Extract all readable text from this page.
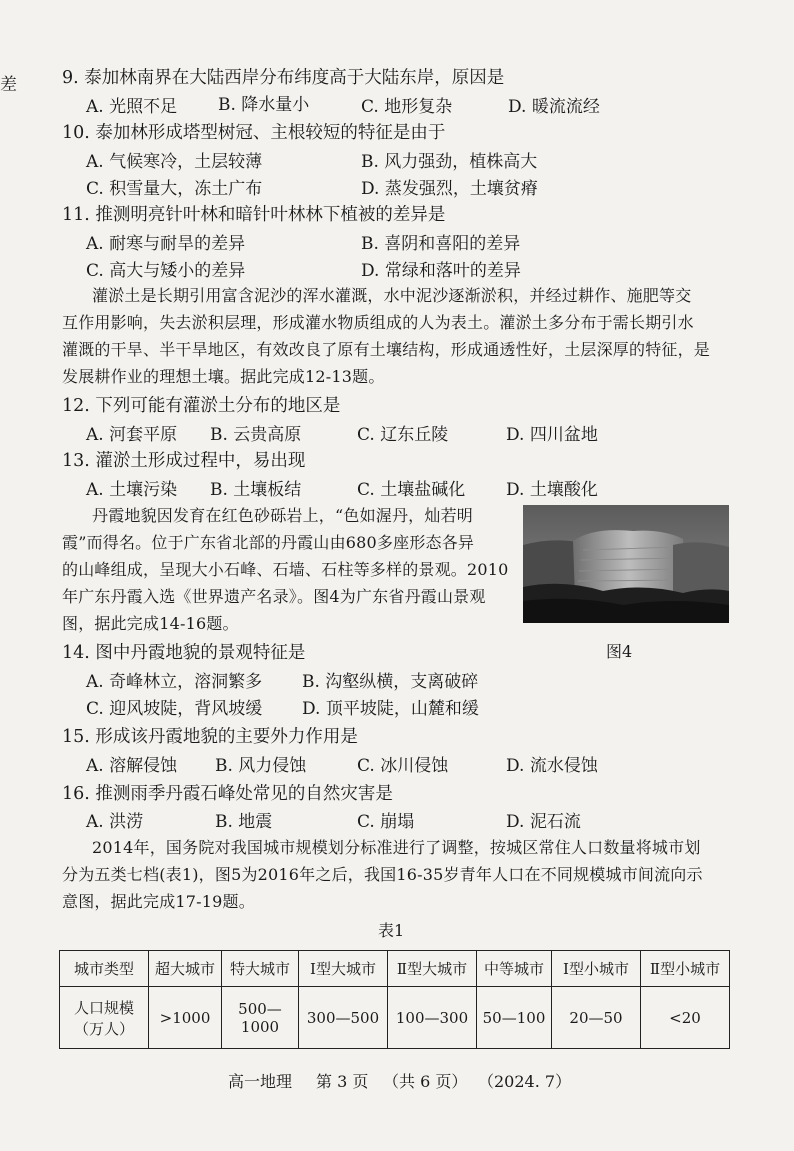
差	9. 泰加林南界在大陆西岸分布纬度高于大陆东岸，原因是
A. 光照不足 B. 降水量小	C. 地形复杂	D. 暖流流经
10. 泰加林形成塔型树冠、主根较短的特征是由于
A. 气候寒冷，土层较薄	B. 风力强劲，植株高大
C. 积雪量大，冻土广布	D. 蒸发强烈，土壤贫瘠
11. 推测明亮针叶林和暗针叶林林下植被的差异是
A. 耐寒与耐旱的差异	B. 喜阴和喜阳的差异
C. 高大与矮小的差异	D. 常绿和落叶的差异
灌淤土是长期引用富含泥沙的浑水灌溉，水中泥沙逐渐淤积，并经过耕作、施肥等交
互作用影响，失去淤积层理，形成灌水物质组成的人为表土。灌淤土多分布于需长期引水
灌溉的干旱、半干旱地区，有效改良了原有土壤结构，形成通透性好，土层深厚的特征，是
发展耕作业的理想土壤。据此完成12-13题。
12. 下列可能有灌淤土分布的地区是
A. 河套平原 B. 云贵高原	C. 辽东丘陵	D. 四川盆地
13. 灌淤土形成过程中，易出现
A. 土壤污染 B. 土壤板结	C. 土壤盐碱化 D. 土壤酸化
丹霞地貌因发育在红色砂砾岩上，“色如渥丹，灿若明
霞”而得名。位于广东省北部的丹霞山由680多座形态各异
的山峰组成，呈现大小石峰、石墙、石柱等多样的景观。2010
年广东丹霞入选《世界遗产名录》。图4为广东省丹霞山景观
图，据此完成14-16题。
图4
14. 图中丹霞地貌的景观特征是
A. 奇峰林立，溶洞繁多 B. 沟壑纵横，支离破碎
C. 迎风坡陡，背风坡缓 D. 顶平坡陡，山麓和缓
15. 形成该丹霞地貌的主要外力作用是
A. 溶解侵蚀 B. 风力侵蚀	C. 冰川侵蚀	D. 流水侵蚀
16. 推测雨季丹霞石峰处常见的自然灾害是
A. 洪涝	B. 地震	C. 崩塌	D. 泥石流
2014年，国务院对我国城市规模划分标准进行了调整，按城区常住人口数量将城市划
分为五类七档(表1)，图5为2016年之后，我国16-35岁青年人口在不同规模城市间流向示
意图，据此完成17-19题。
表1
城市类型	超大城市	特大城市	Ⅰ型大城市	Ⅱ型大城市	中等城市	Ⅰ型小城市	Ⅱ型小城市

人口规模
（万人）	>1000	500—1000	300—500	100—300	50—100	20—50	<20
高一地理 第 3 页 （共 6 页） （2024. 7）
